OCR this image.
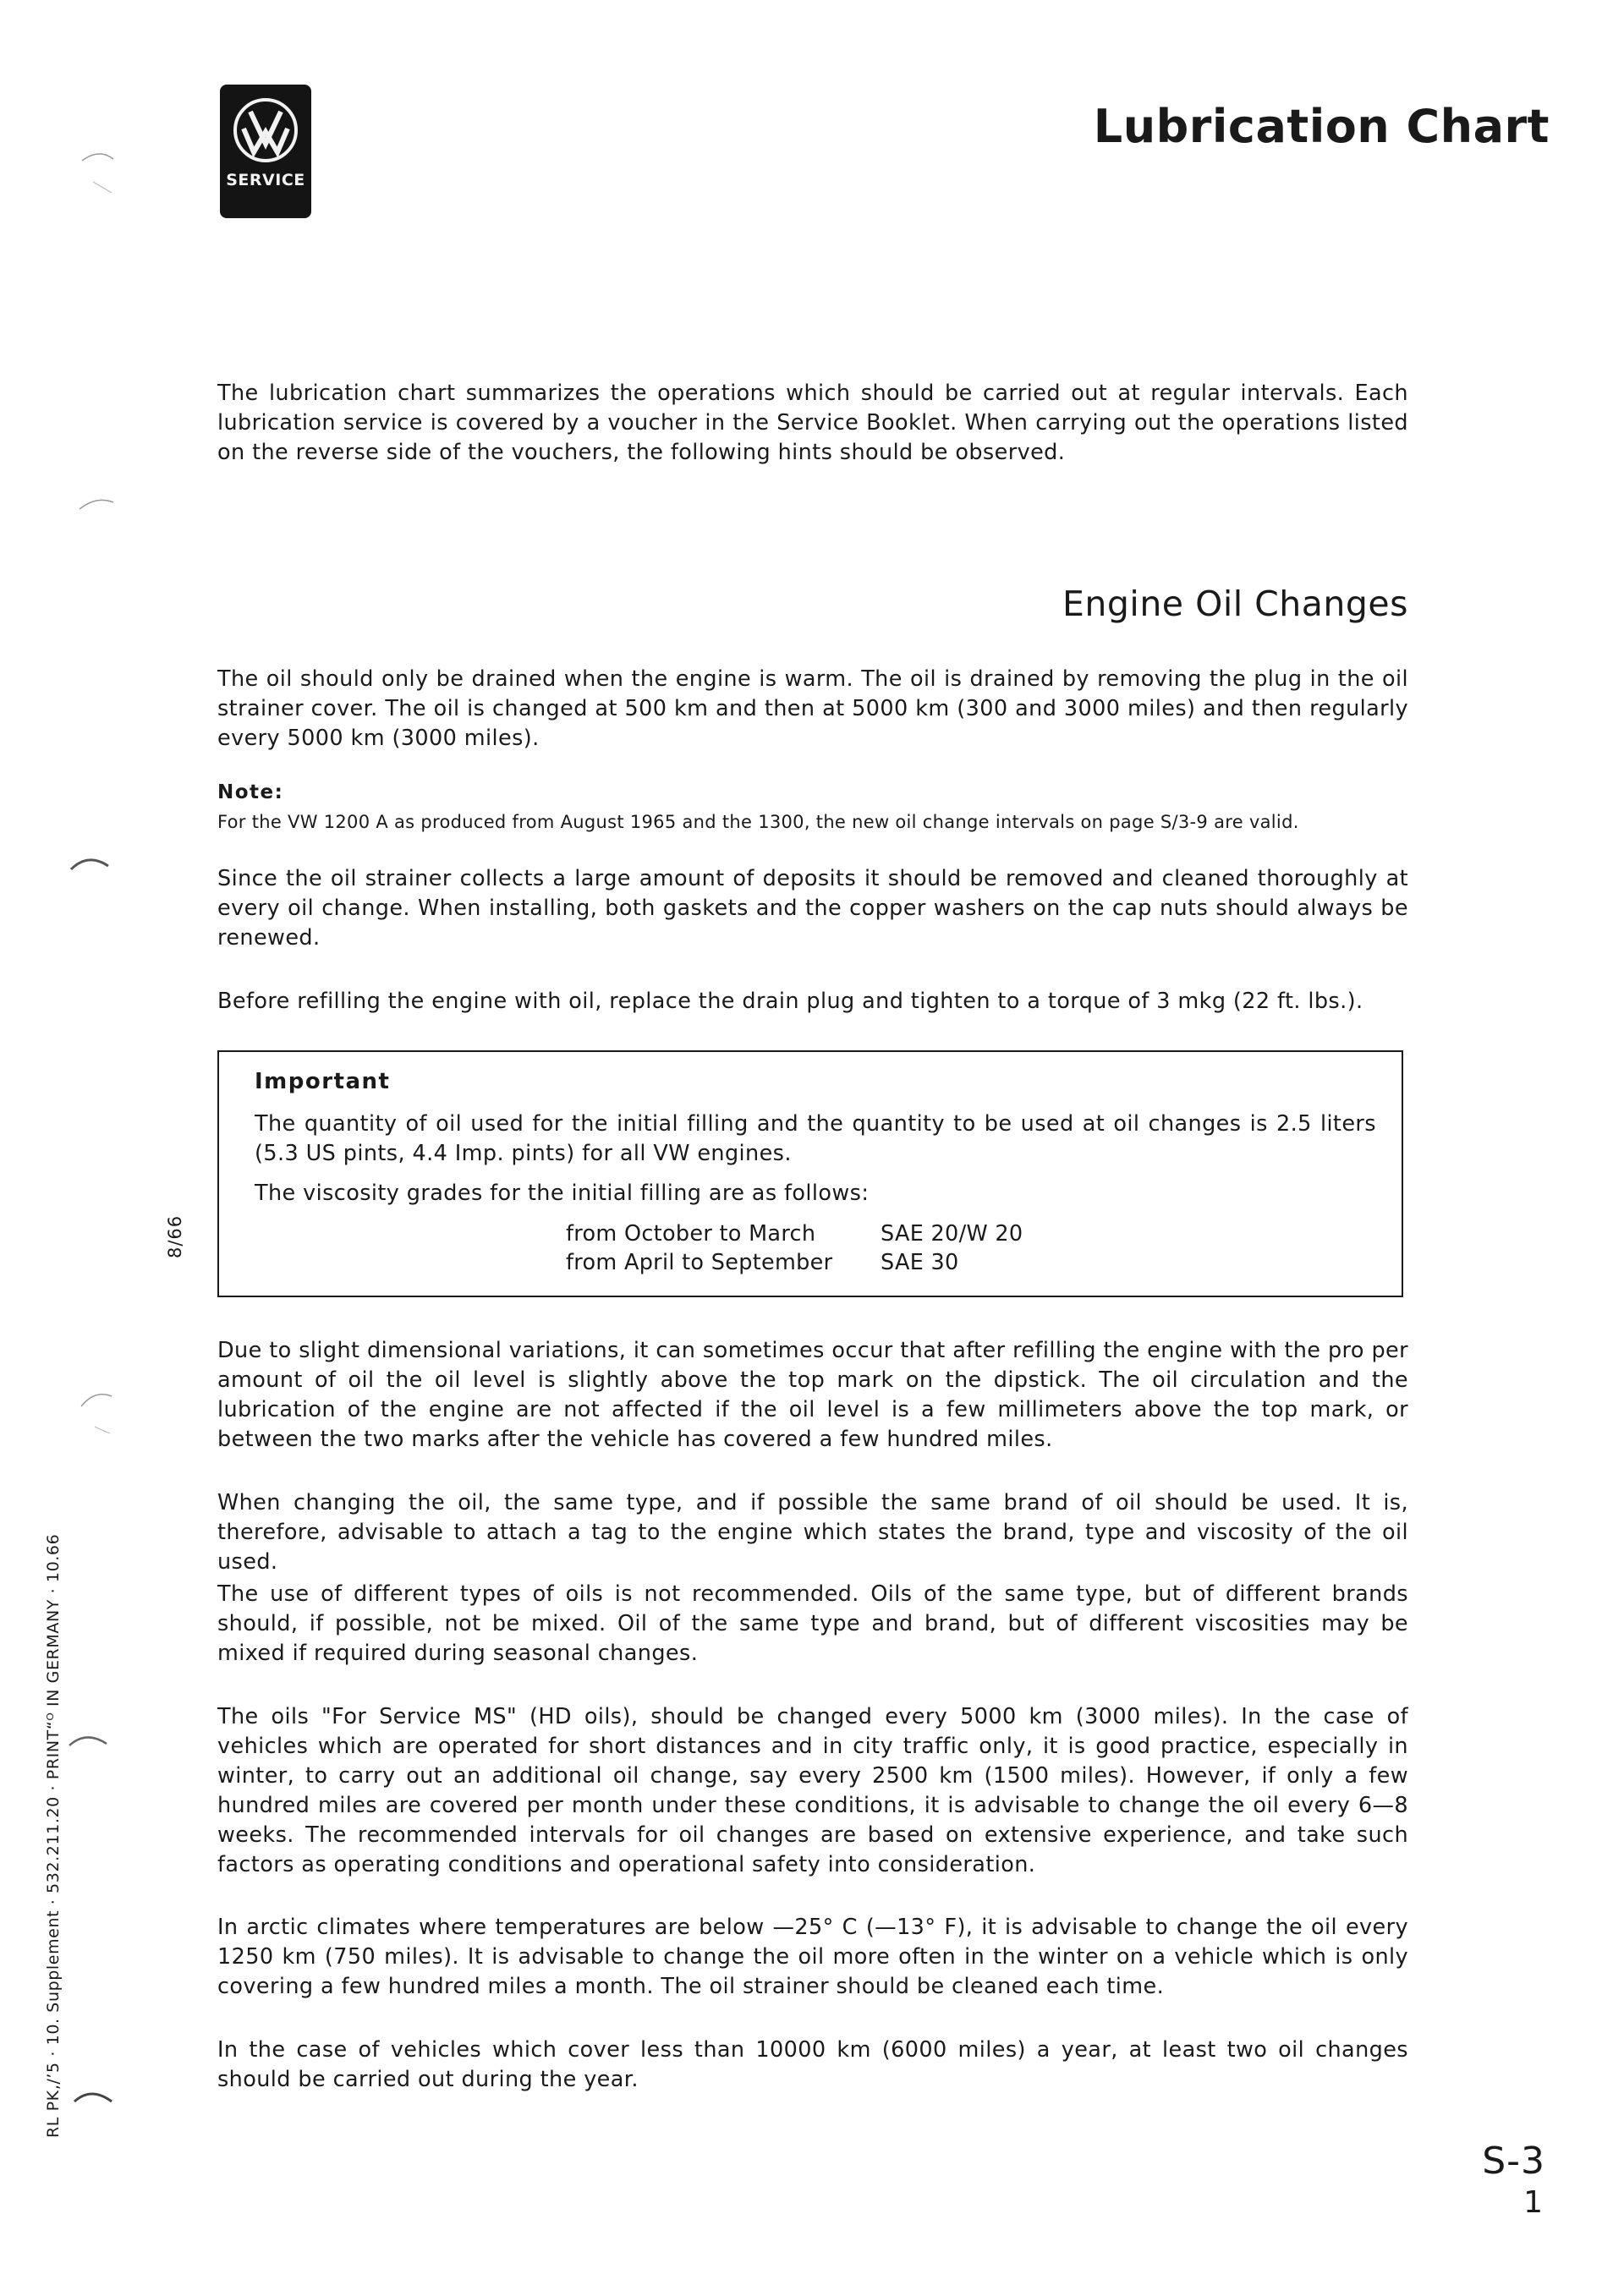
SERVICE
Lubrication Chart

The lubrication chart summarizes the operations which should be carried out at regular intervals. Each lubrication service is covered by a voucher in the Service Booklet. When carrying out the operations listed on the reverse side of the vouchers, the following hints should be observed.

Engine Oil Changes

The oil should only be drained when the engine is warm. The oil is drained by removing the plug in the oil strainer cover. The oil is changed at 500 km and then at 5000 km (300 and 3000 miles) and then regularly every 5000 km (3000 miles).

Note:

For the VW 1200 A as produced from August 1965 and the 1300, the new oil change intervals on page S/3-9 are valid.

Since the oil strainer collects a large amount of deposits it should be removed and cleaned thoroughly at every oil change. When installing, both gaskets and the copper washers on the cap nuts should always be renewed.

Before refilling the engine with oil, replace the drain plug and tighten to a torque of 3 mkg (22 ft. lbs.).

Important
The quantity of oil used for the initial filling and the quantity to be used at oil changes is 2.5 liters (5.3 US pints, 4.4 Imp. pints) for all VW engines.
The viscosity grades for the initial filling are as follows:
from October to March	SAE 20/W 20
from April to September SAE 30
8/66
RL PK‚/’5 · 10. Supplement · 532.211.20 · PRINT“ᴼ IN GERMANY · 10.66

Due to slight dimensional variations, it can sometimes occur that after refilling the engine with the pro per amount of oil the oil level is slightly above the top mark on the dipstick. The oil circulation and the lubrication of the engine are not affected if the oil level is a few millimeters above the top mark, or between the two marks after the vehicle has covered a few hundred miles.

When changing the oil, the same type, and if possible the same brand of oil should be used. It is, therefore, advisable to attach a tag to the engine which states the brand, type and viscosity of the oil used.

The use of different types of oils is not recommended. Oils of the same type, but of different brands should, if possible, not be mixed. Oil of the same type and brand, but of different viscosities may be mixed if required during seasonal changes.

The oils "For Service MS" (HD oils), should be changed every 5000 km (3000 miles). In the case of vehicles which are operated for short distances and in city traffic only, it is good practice, especially in winter, to carry out an additional oil change, say every 2500 km (1500 miles). However, if only a few hundred miles are covered per month under these conditions, it is advisable to change the oil every 6—8 weeks. The recommended intervals for oil changes are based on extensive experience, and take such factors as operating conditions and operational safety into consideration.

In arctic climates where temperatures are below —25° C (—13° F), it is advisable to change the oil every 1250 km (750 miles). It is advisable to change the oil more often in the winter on a vehicle which is only covering a few hundred miles a month. The oil strainer should be cleaned each time.

In the case of vehicles which cover less than 10000 km (6000 miles) a year, at least two oil changes should be carried out during the year.

S-3
1
